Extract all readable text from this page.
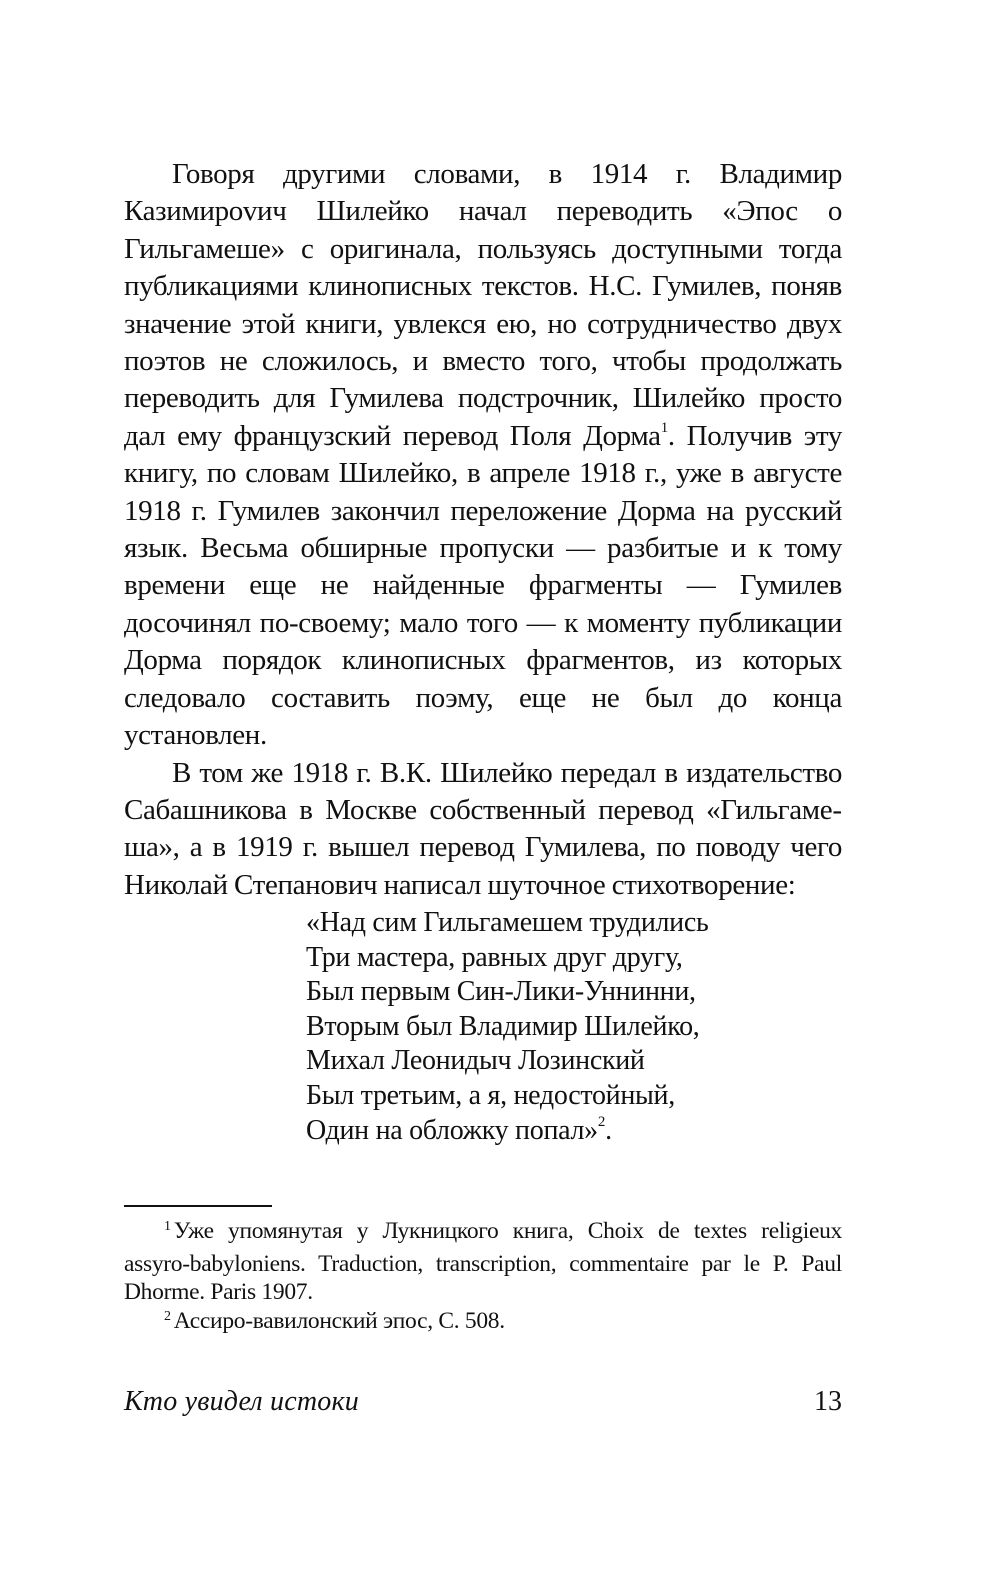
Говоря другими словами, в 1914 г. Владимир Казимироvич Шилейко начал переводить «Эпос о Гильгамеше» с оригинала, пользуясь доступными тогда публикациями клинописных текстов. Н.С. Гумилев, поняв значение этой книги, увлекся ею, но сотрудничество двух поэтов не сложилось, и вместо того, чтобы продолжать переводить для Гумилева подстрочник, Шилейко просто дал ему французский перевод Поля Дорма$^1$. Получив эту книгу, по словам Шилейко, в апреле 1918 г., уже в августе 1918 г. Гумилев закончил переложение Дорма на русский язык. Весьма обширные пропуски — разбитые и к тому времени еще не найденные фрагменты — Гумилев досочинял по-своему; мало того — к моменту публикации Дорма порядок клинописных фрагментов, из которых следовало составить поэму, еще не был до конца установлен.

В том же 1918 г. В.К. Шилейко передал в издательство Сабашникова в Москве собственный перевод «Гильгамеша», а в 1919 г. вышел перевод Гумилева, по поводу чего Николай Степанович написал шуточное стихотворение:

«Над сим Гильгамешем трудились
Три мастера, равных друг другу,
Был первым Син-Лики-Уннинни,
Вторым был Владимир Шилейко,
Михал Леонидыч Лозинский
Был третьим, а я, недостойный,
Один на обложку попал»$^2$.

$^1$ Уже упомянутая у Лукницкого книга, Choix de textes religieux assyro-babyloniens. Traduction, transcription, commentaire par le P. Paul Dhorme. Paris 1907.

$^2$ Ассиро-вавилонский эпос, С. 508.

Кто увидел истоки	13
